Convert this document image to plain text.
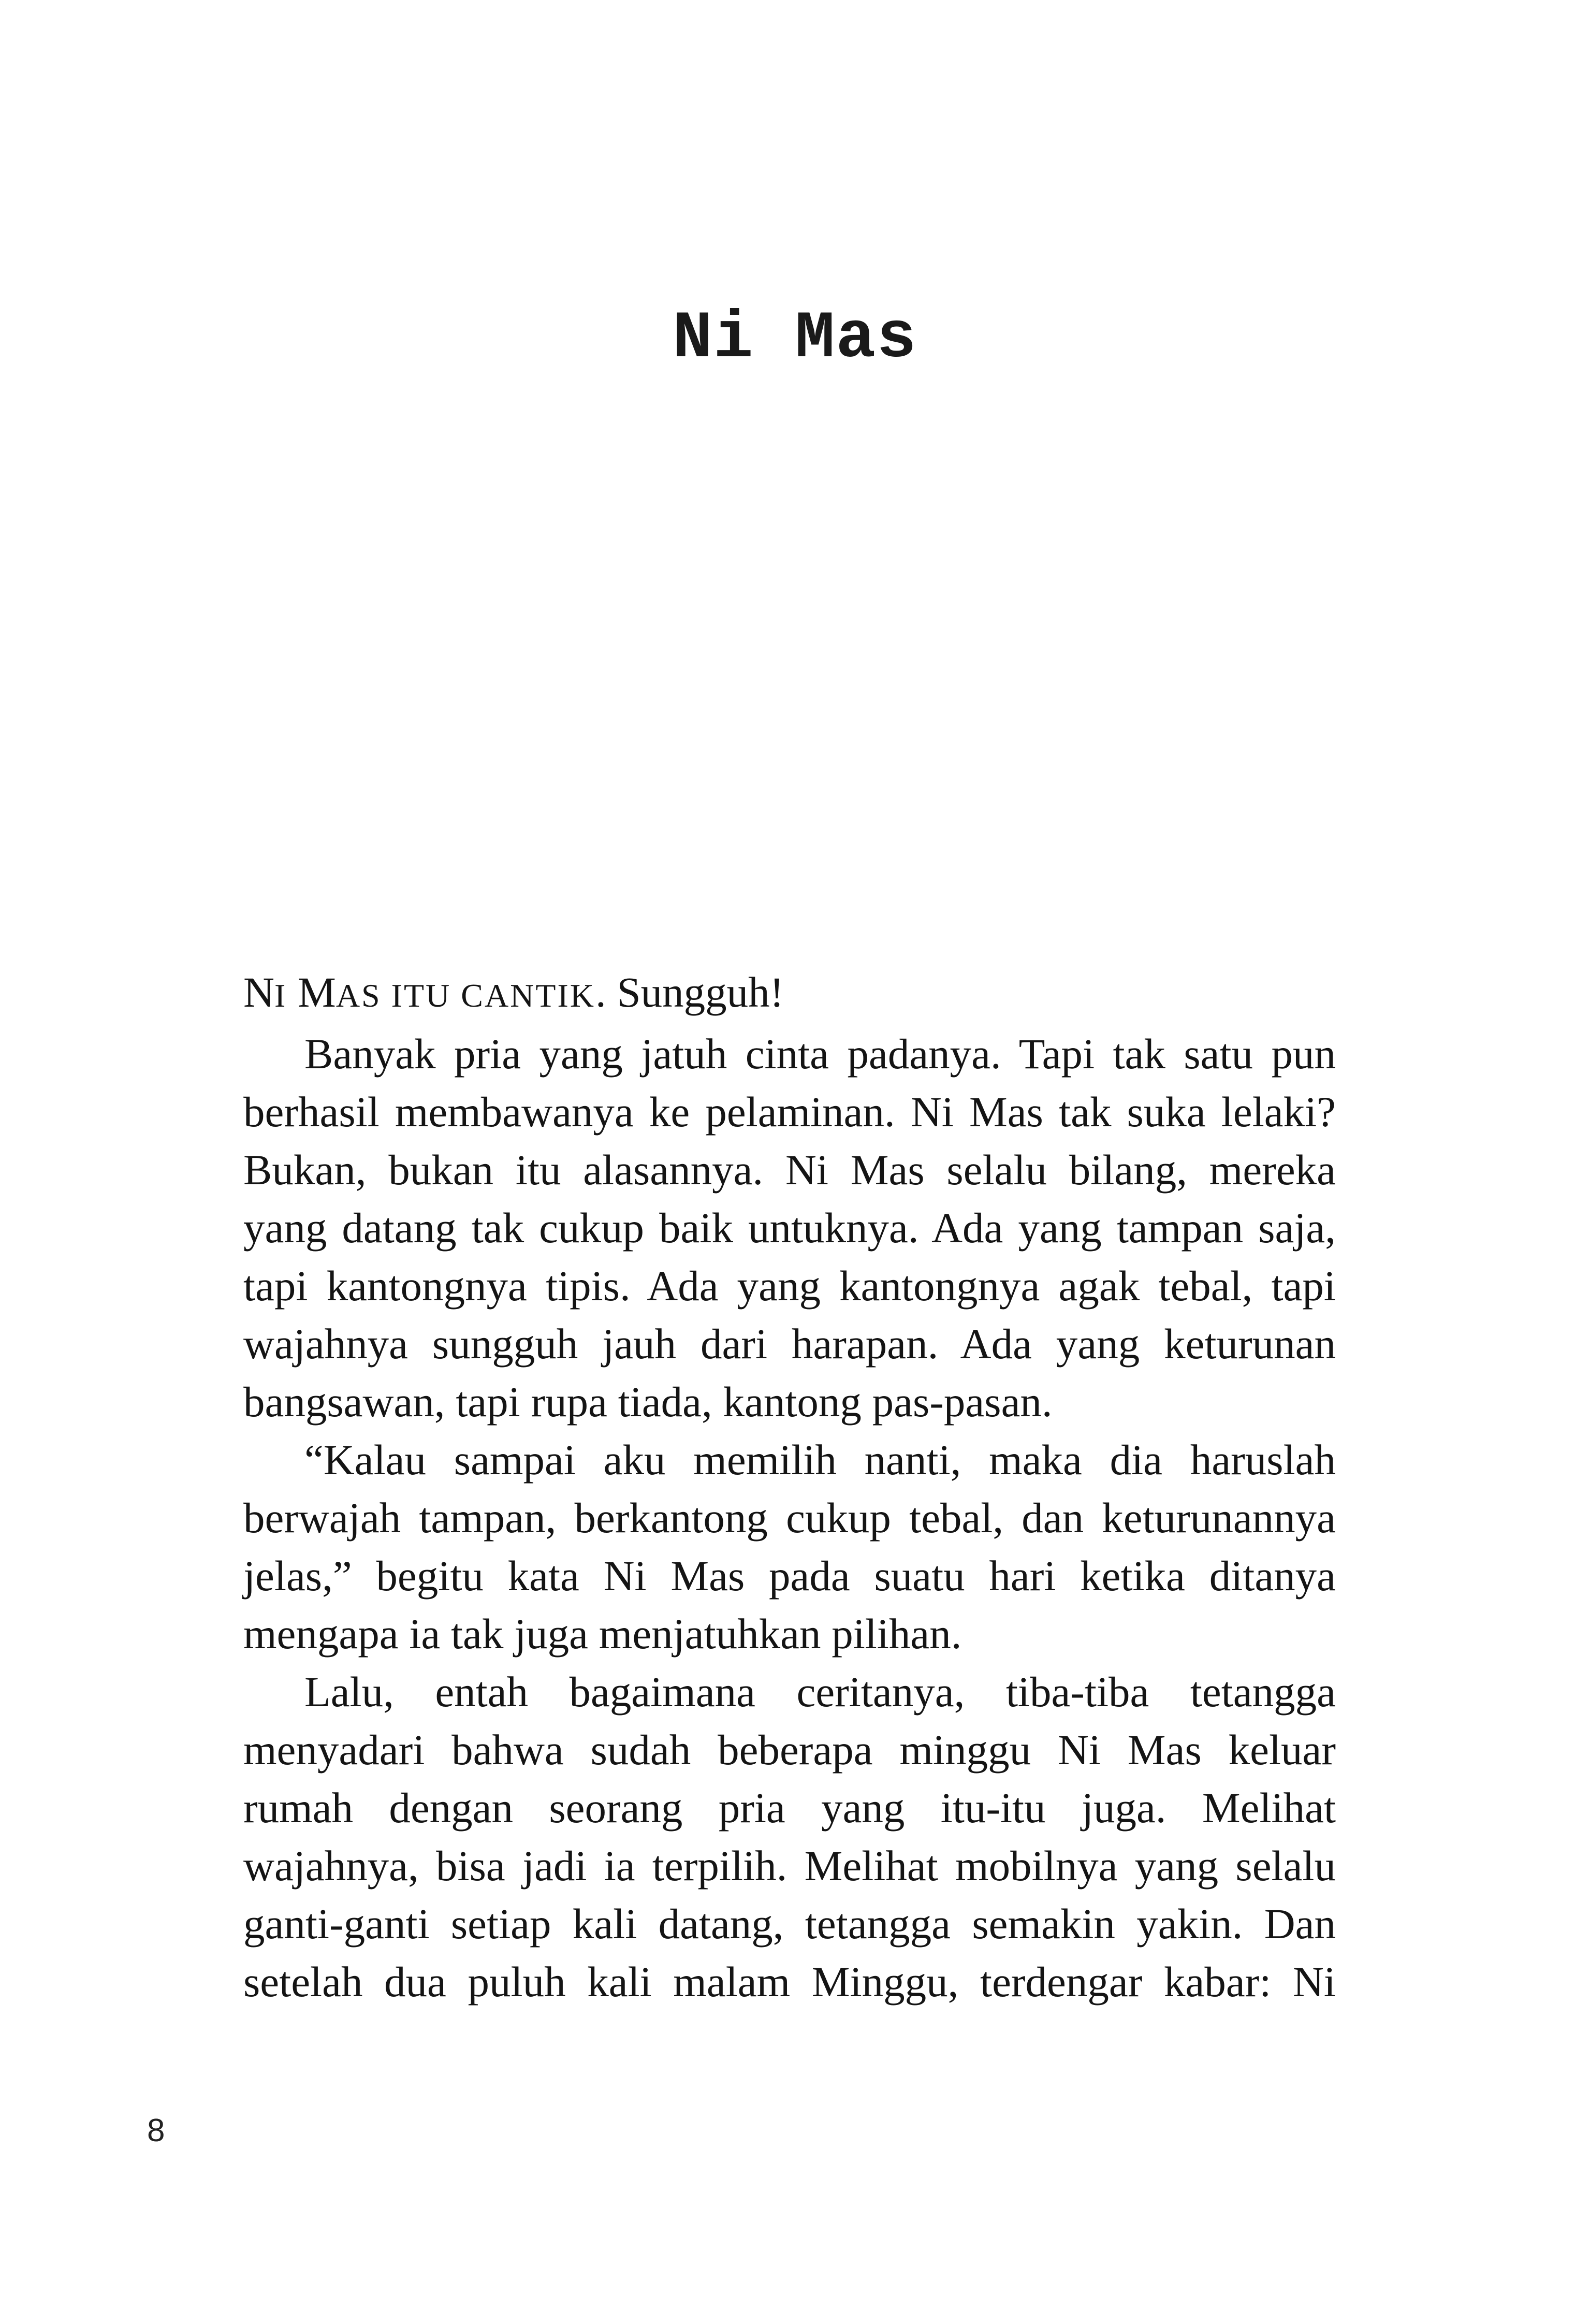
Ni Mas
NI MAS ITU CANTIK. Sungguh!
Banyak pria yang jatuh cinta padanya. Tapi tak satu pun
berhasil membawanya ke pelaminan. Ni Mas tak suka lelaki?
Bukan, bukan itu alasannya. Ni Mas selalu bilang, mereka
yang datang tak cukup baik untuknya. Ada yang tampan saja,
tapi kantongnya tipis. Ada yang kantongnya agak tebal, tapi
wajahnya sungguh jauh dari harapan. Ada yang keturunan
bangsawan, tapi rupa tiada, kantong pas-pasan.
“Kalau sampai aku memilih nanti, maka dia haruslah
berwajah tampan, berkantong cukup tebal, dan keturunannya
jelas,” begitu kata Ni Mas pada suatu hari ketika ditanya
mengapa ia tak juga menjatuhkan pilihan.
Lalu, entah bagaimana ceritanya, tiba-tiba tetangga
menyadari bahwa sudah beberapa minggu Ni Mas keluar
rumah dengan seorang pria yang itu-itu juga. Melihat
wajahnya, bisa jadi ia terpilih. Melihat mobilnya yang selalu
ganti-ganti setiap kali datang, tetangga semakin yakin. Dan
setelah dua puluh kali malam Minggu, terdengar kabar: Ni
8
